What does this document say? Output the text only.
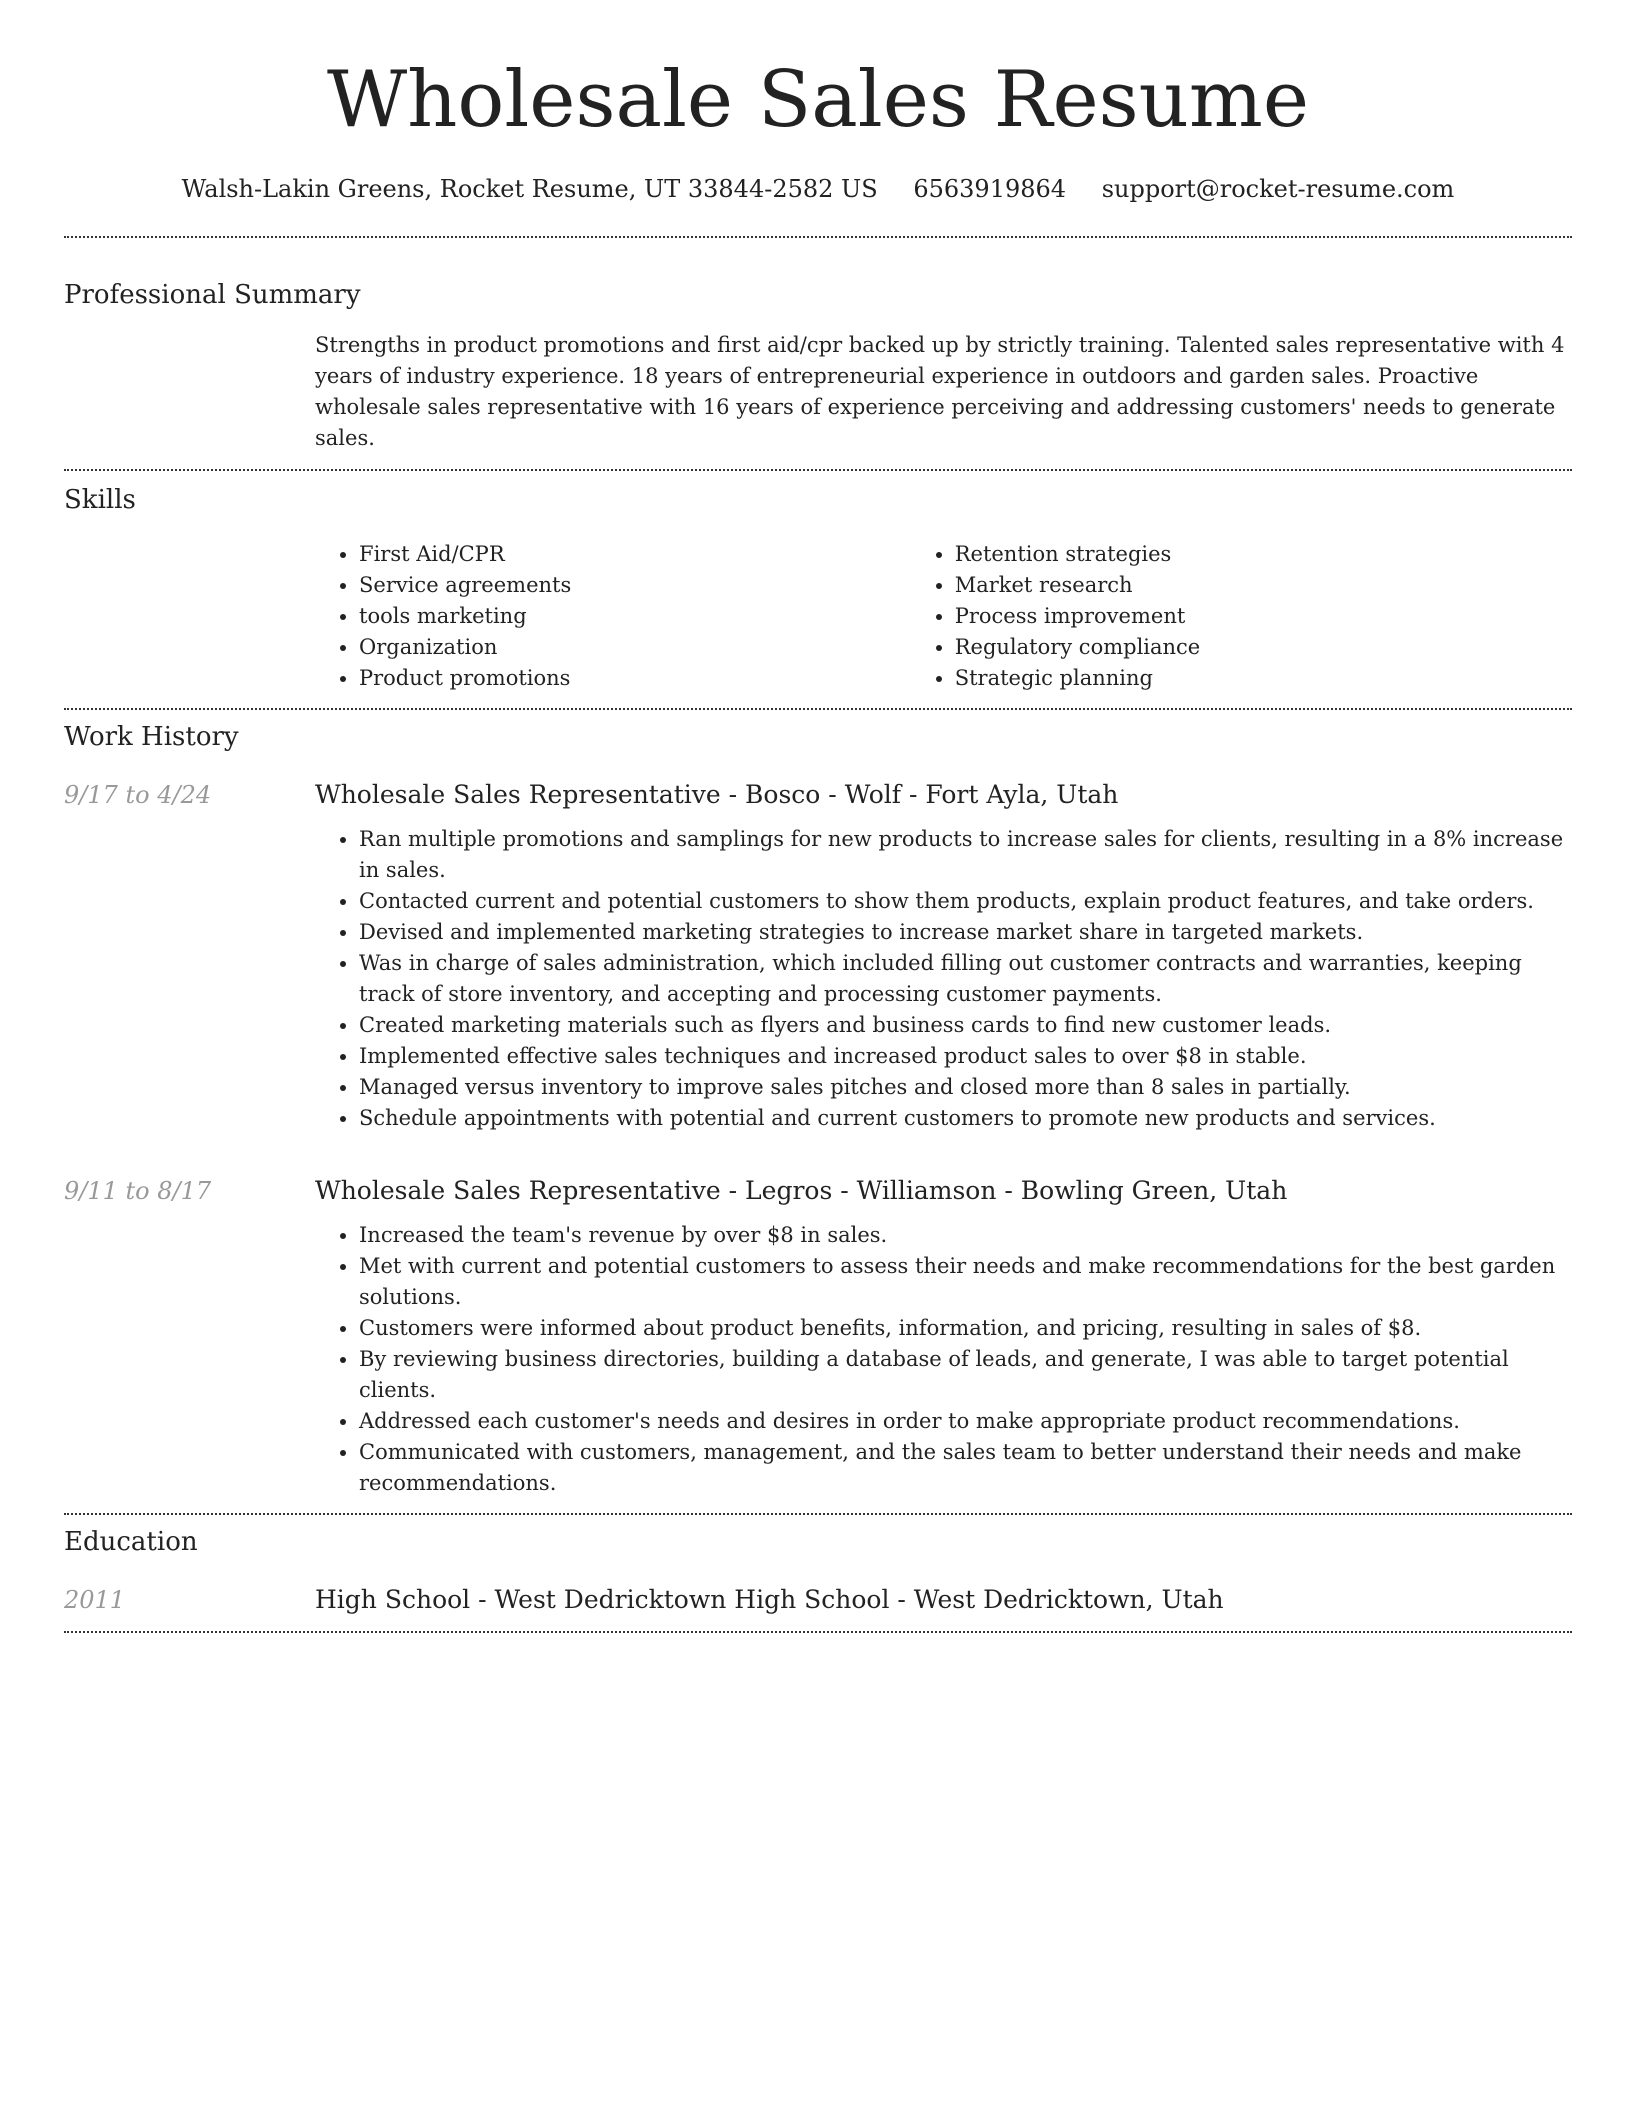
Wholesale Sales Resume
Walsh-Lakin Greens, Rocket Resume, UT 33844-2582 US 6563919864 support@rocket-resume.com
Professional Summary
Strengths in product promotions and first aid/cpr backed up by strictly training. Talented sales representative with 4 years of industry experience. 18 years of entrepreneurial experience in outdoors and garden sales. Proactive wholesale sales representative with 16 years of experience perceiving and addressing customers' needs to generate sales.
Skills
• First Aid/CPR
• Service agreements
• tools marketing
• Organization
• Product promotions
• Retention strategies
• Market research
• Process improvement
• Regulatory compliance
• Strategic planning
Work History
9/17 to 4/24	Wholesale Sales Representative - Bosco - Wolf - Fort Ayla, Utah
• Ran multiple promotions and samplings for new products to increase sales for clients, resulting in a 8% increase in sales.
• Contacted current and potential customers to show them products, explain product features, and take orders.
• Devised and implemented marketing strategies to increase market share in targeted markets.
• Was in charge of sales administration, which included filling out customer contracts and warranties, keeping track of store inventory, and accepting and processing customer payments.
• Created marketing materials such as flyers and business cards to find new customer leads.
• Implemented effective sales techniques and increased product sales to over $8 in stable.
• Managed versus inventory to improve sales pitches and closed more than 8 sales in partially.
• Schedule appointments with potential and current customers to promote new products and services.
9/11 to 8/17	Wholesale Sales Representative - Legros - Williamson - Bowling Green, Utah
• Increased the team's revenue by over $8 in sales.
• Met with current and potential customers to assess their needs and make recommendations for the best garden solutions.
• Customers were informed about product benefits, information, and pricing, resulting in sales of $8.
• By reviewing business directories, building a database of leads, and generate, I was able to target potential clients.
• Addressed each customer's needs and desires in order to make appropriate product recommendations.
• Communicated with customers, management, and the sales team to better understand their needs and make recommendations.
Education
2011	High School - West Dedricktown High School - West Dedricktown, Utah
